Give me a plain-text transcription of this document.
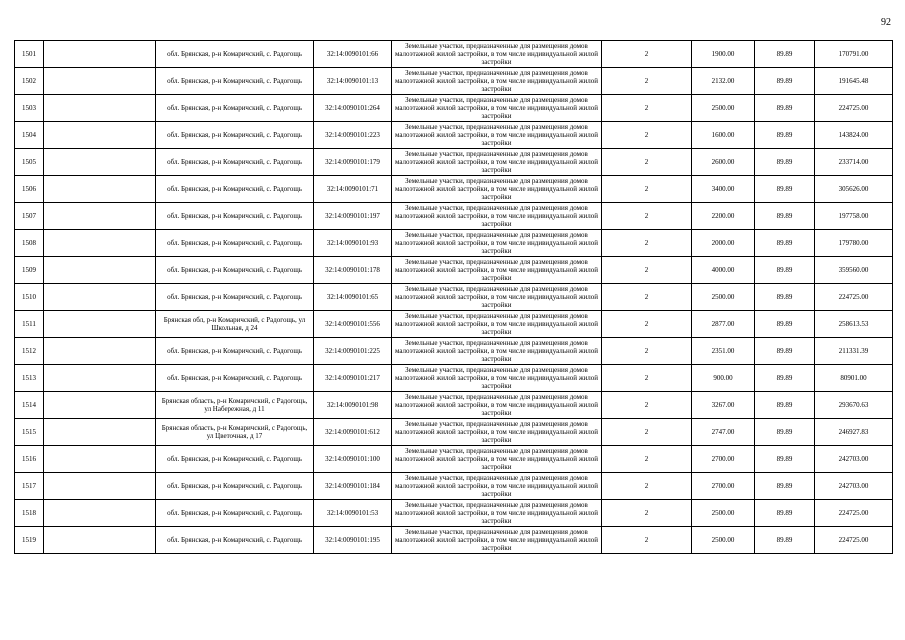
92
1501		обл. Брянская, р-н Комаричский, с. Радогощь	32:14:0090101:66	Земельные участки, предназначенные для размещения домов малоэтажной жилой застройки, в том числе индивидуальной жилой застройки	2	1900.00	89.89	170791.00
1502		обл. Брянская, р-н Комаричский, с. Радогощь	32:14:0090101:13	Земельные участки, предназначенные для размещения домов малоэтажной жилой застройки, в том числе индивидуальной жилой застройки	2	2132.00	89.89	191645.48
1503		обл. Брянская, р-н Комаричский, с. Радогощь	32:14:0090101:264	Земельные участки, предназначенные для размещения домов малоэтажной жилой застройки, в том числе индивидуальной жилой застройки	2	2500.00	89.89	224725.00
1504		обл. Брянская, р-н Комаричский, с. Радогощь	32:14:0090101:223	Земельные участки, предназначенные для размещения домов малоэтажной жилой застройки, в том числе индивидуальной жилой застройки	2	1600.00	89.89	143824.00
1505		обл. Брянская, р-н Комаричский, с. Радогощь	32:14:0090101:179	Земельные участки, предназначенные для размещения домов малоэтажной жилой застройки, в том числе индивидуальной жилой застройки	2	2600.00	89.89	233714.00
1506		обл. Брянская, р-н Комаричский, с. Радогощь	32:14:0090101:71	Земельные участки, предназначенные для размещения домов малоэтажной жилой застройки, в том числе индивидуальной жилой застройки	2	3400.00	89.89	305626.00
1507		обл. Брянская, р-н Комаричский, с. Радогощь	32:14:0090101:197	Земельные участки, предназначенные для размещения домов малоэтажной жилой застройки, в том числе индивидуальной жилой застройки	2	2200.00	89.89	197758.00
1508		обл. Брянская, р-н Комаричский, с. Радогощь	32:14:0090101:93	Земельные участки, предназначенные для размещения домов малоэтажной жилой застройки, в том числе индивидуальной жилой застройки	2	2000.00	89.89	179780.00
1509		обл. Брянская, р-н Комаричский, с. Радогощь	32:14:0090101:178	Земельные участки, предназначенные для размещения домов малоэтажной жилой застройки, в том числе индивидуальной жилой застройки	2	4000.00	89.89	359560.00
1510		обл. Брянская, р-н Комаричский, с. Радогощь	32:14:0090101:65	Земельные участки, предназначенные для размещения домов малоэтажной жилой застройки, в том числе индивидуальной жилой застройки	2	2500.00	89.89	224725.00
1511		Брянская обл, р-н Комаричский, с Радогощь, ул Школьная, д 24	32:14:0090101:556	Земельные участки, предназначенные для размещения домов малоэтажной жилой застройки, в том числе индивидуальной жилой застройки	2	2877.00	89.89	258613.53
1512		обл. Брянская, р-н Комаричский, с. Радогощь	32:14:0090101:225	Земельные участки, предназначенные для размещения домов малоэтажной жилой застройки, в том числе индивидуальной жилой застройки	2	2351.00	89.89	211331.39
1513		обл. Брянская, р-н Комаричский, с. Радогощь	32:14:0090101:217	Земельные участки, предназначенные для размещения домов малоэтажной жилой застройки, в том числе индивидуальной жилой застройки	2	900.00	89.89	80901.00
1514		Брянская область, р-н Комаричский, с Радогощь, ул Набережная, д 11	32:14:0090101:98	Земельные участки, предназначенные для размещения домов малоэтажной жилой застройки, в том числе индивидуальной жилой застройки	2	3267.00	89.89	293670.63
1515		Брянская область, р-н Комаричский, с Радогощь, ул Цветочная, д 17	32:14:0090101:612	Земельные участки, предназначенные для размещения домов малоэтажной жилой застройки, в том числе индивидуальной жилой застройки	2	2747.00	89.89	246927.83
1516		обл. Брянская, р-н Комаричский, с. Радогощь	32:14:0090101:100	Земельные участки, предназначенные для размещения домов малоэтажной жилой застройки, в том числе индивидуальной жилой застройки	2	2700.00	89.89	242703.00
1517		обл. Брянская, р-н Комаричский, с. Радогощь	32:14:0090101:184	Земельные участки, предназначенные для размещения домов малоэтажной жилой застройки, в том числе индивидуальной жилой застройки	2	2700.00	89.89	242703.00
1518		обл. Брянская, р-н Комаричский, с. Радогощь	32:14:0090101:53	Земельные участки, предназначенные для размещения домов малоэтажной жилой застройки, в том числе индивидуальной жилой застройки	2	2500.00	89.89	224725.00
1519		обл. Брянская, р-н Комаричский, с. Радогощь	32:14:0090101:195	Земельные участки, предназначенные для размещения домов малоэтажной жилой застройки, в том числе индивидуальной жилой застройки	2	2500.00	89.89	224725.00
